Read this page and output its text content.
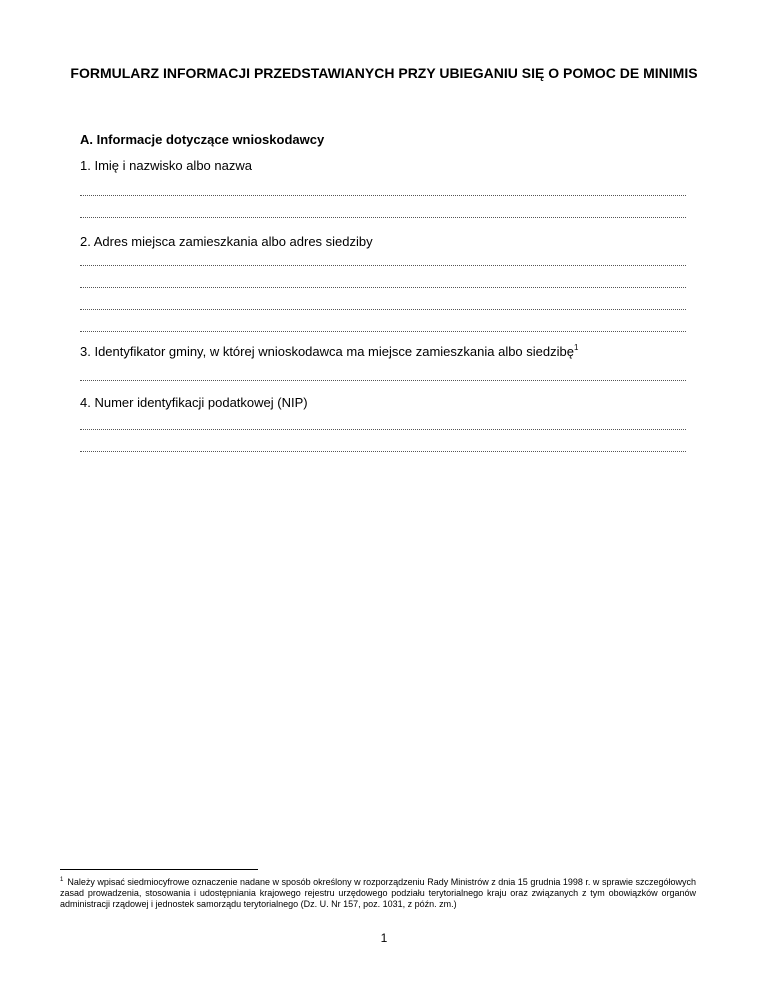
FORMULARZ INFORMACJI PRZEDSTAWIANYCH PRZY UBIEGANIU SIĘ O POMOC DE MINIMIS
A. Informacje dotyczące wnioskodawcy
1. Imię i nazwisko albo nazwa
2. Adres miejsca zamieszkania albo adres siedziby
3. Identyfikator gminy, w której wnioskodawca ma miejsce zamieszkania albo siedzibę$^1$
4. Numer identyfikacji podatkowej (NIP)
$^1$ Należy wpisać siedmiocyfrowe oznaczenie nadane w sposób określony w rozporządzeniu Rady Ministrów z dnia 15 grudnia 1998 r. w sprawie szczegółowych zasad prowadzenia, stosowania i udostępniania krajowego rejestru urzędowego podziału terytorialnego kraju oraz związanych z tym obowiązków organów administracji rządowej i jednostek samorządu terytorialnego (Dz. U. Nr 157, poz. 1031, z późn. zm.)
1
